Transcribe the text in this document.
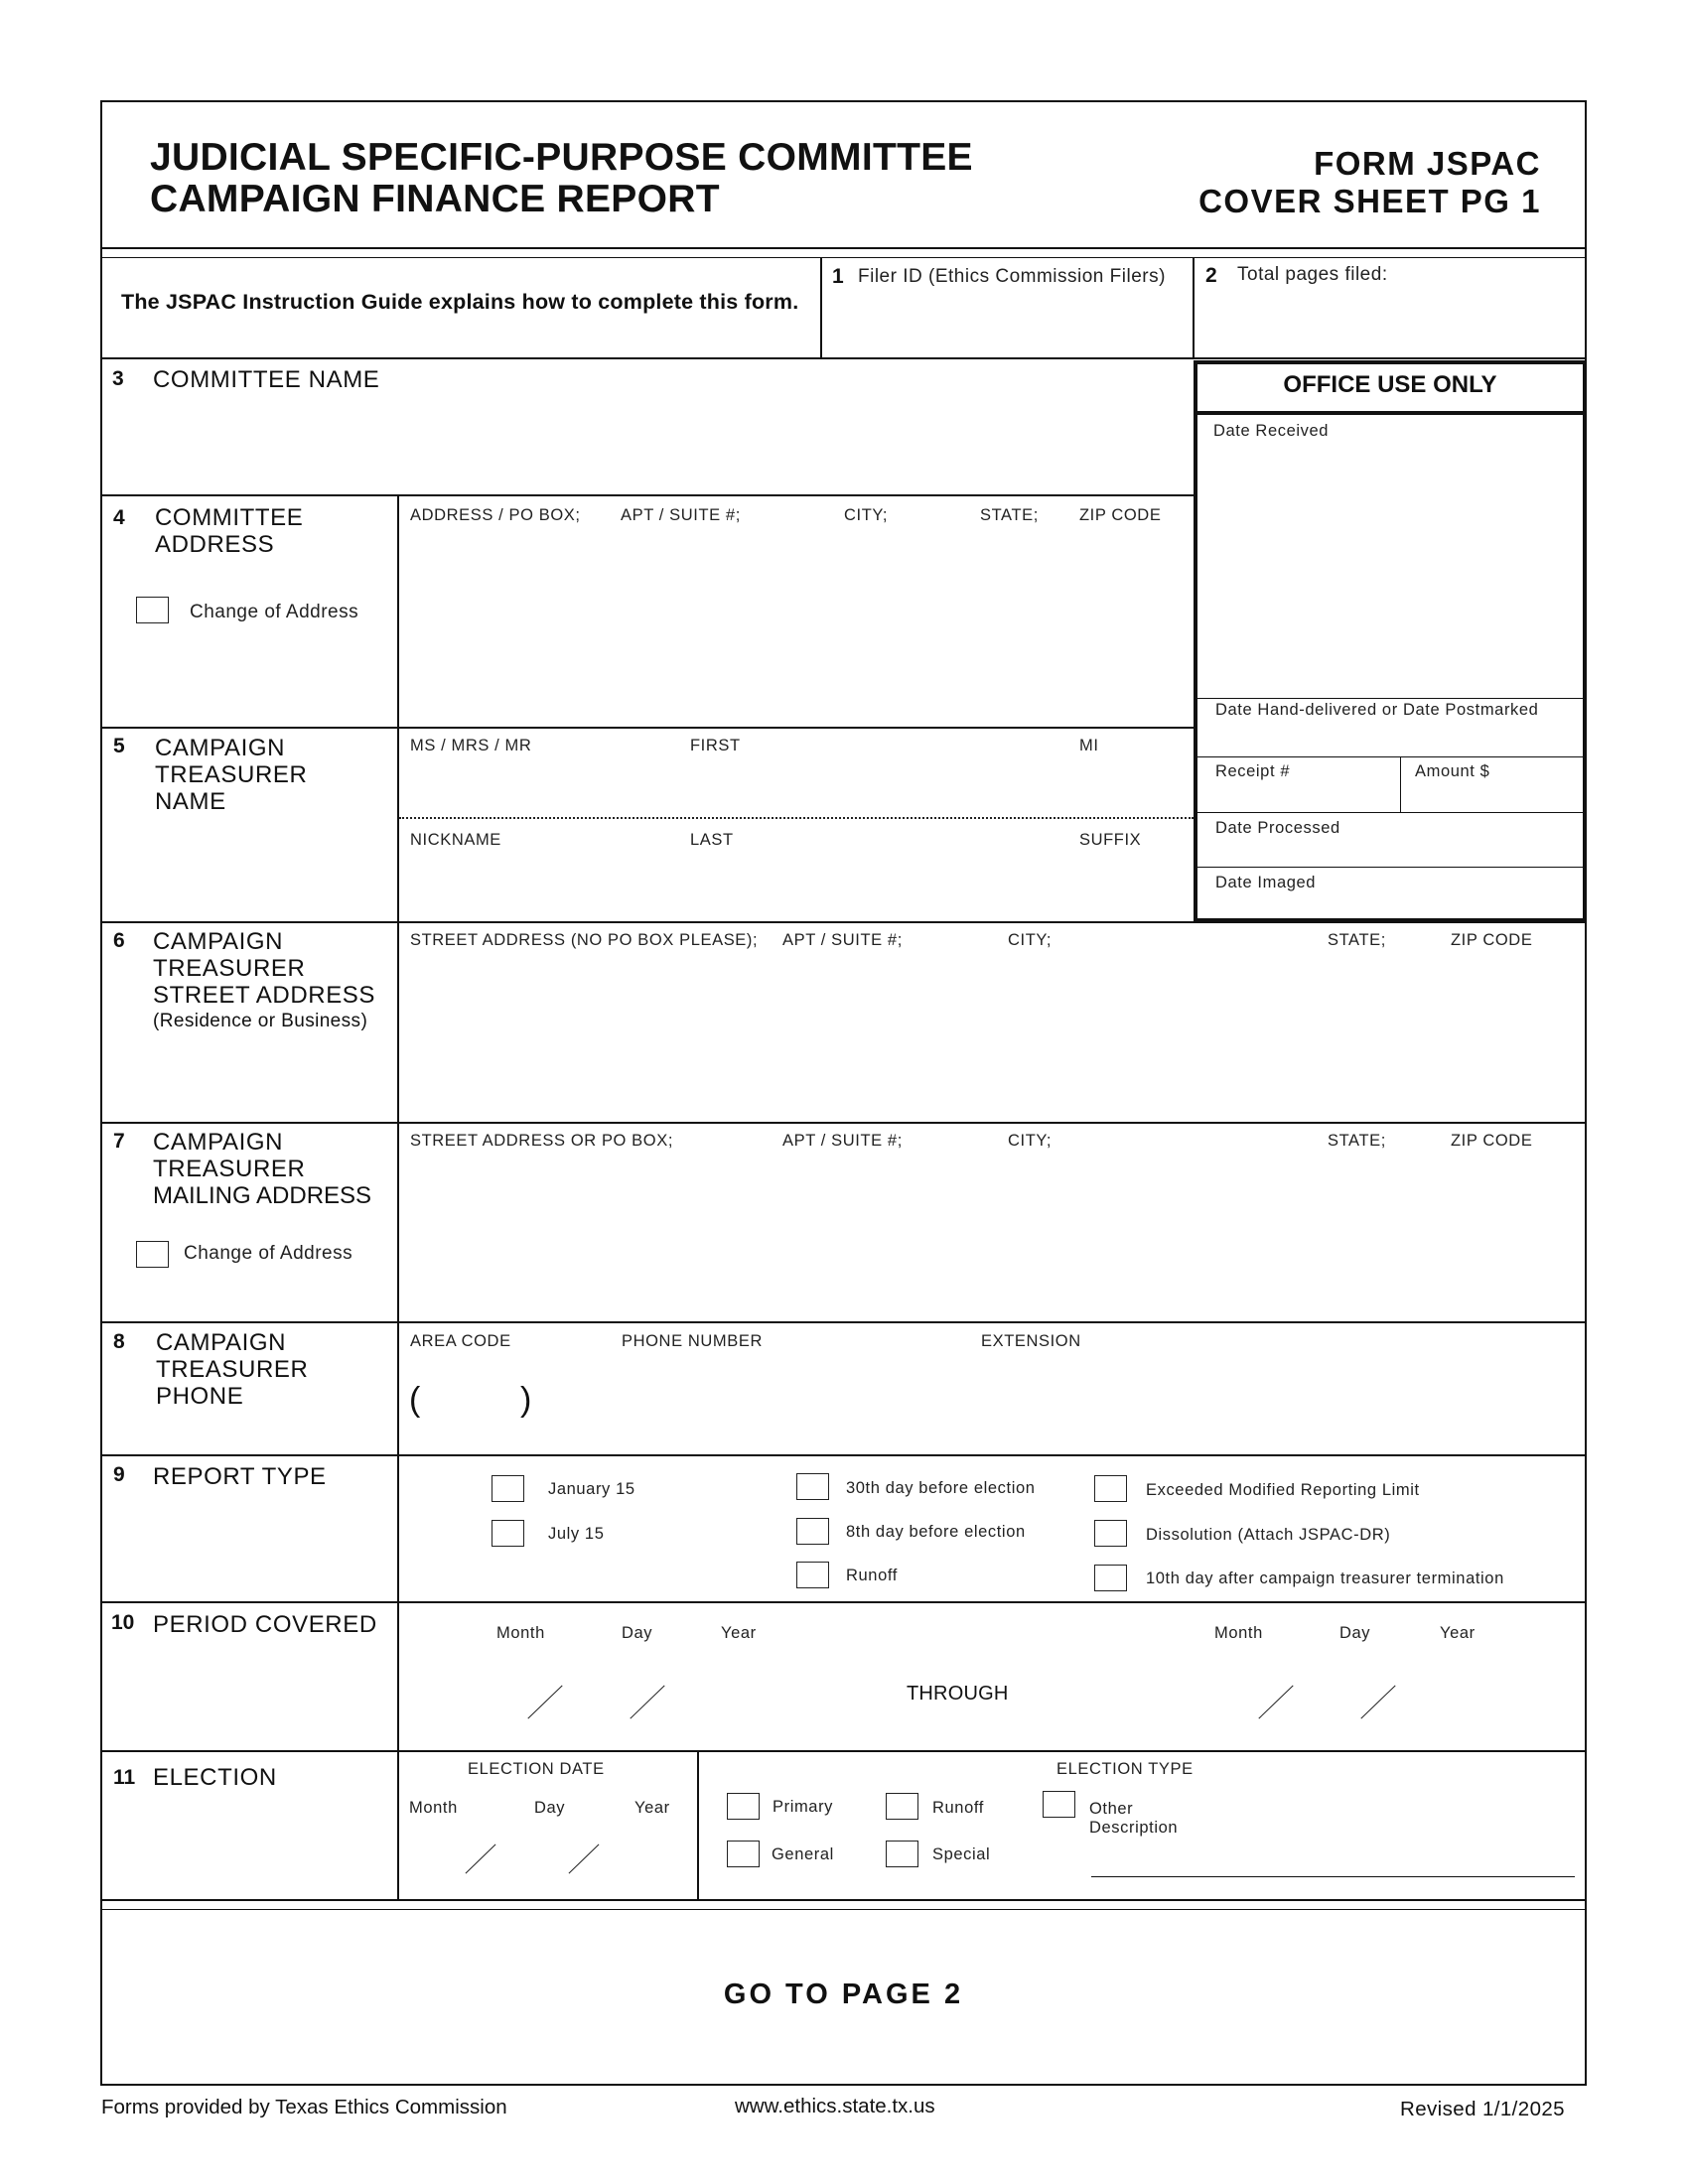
JUDICIAL SPECIFIC-PURPOSE COMMITTEE
CAMPAIGN FINANCE REPORT
FORM JSPAC
COVER SHEET PG 1
The JSPAC Instruction Guide explains how to complete this form.
1 Filer ID (Ethics Commission Filers) 2 Total pages filed:
3 COMMITTEE NAME	OFFICE USE ONLY
Date Received
Date Hand-delivered or Date Postmarked
Receipt #	Amount $
Date Processed
Date Imaged
4 COMMITTEE
ADDRESS
Change of Address
ADDRESS / PO BOX; APT / SUITE #;	CITY;	STATE; ZIP CODE
5 CAMPAIGN
TREASURER
NAME
MS / MRS / MR	FIRST	MI
NICKNAME	LAST	SUFFIX
6 CAMPAIGN
TREASURER
STREET ADDRESS
(Residence or Business)
STREET ADDRESS (NO PO BOX PLEASE); APT / SUITE #;	CITY;	STATE;	ZIP CODE
7 CAMPAIGN
TREASURER
MAILING ADDRESS
Change of Address
STREET ADDRESS OR PO BOX;	APT / SUITE #;	CITY;	STATE;	ZIP CODE
8 CAMPAIGN
TREASURER
PHONE
AREA CODE	PHONE NUMBER	EXTENSION
(	)
9 REPORT TYPE	January 15
July 15
30th day before election
8th day before election
Runoff
Exceeded Modified Reporting Limit
Dissolution (Attach JSPAC-DR)
10th day after campaign treasurer termination
10 PERIOD COVERED	Month	Day	Year
THROUGH
Month	Day	Year
11 ELECTION	ELECTION DATE
Month	Day	Year
ELECTION TYPE
Primary	Runoff	Other
Description
General	Special
GO TO PAGE 2
Forms provided by Texas Ethics Commission	www.ethics.state.tx.us	Revised 1/1/2025
